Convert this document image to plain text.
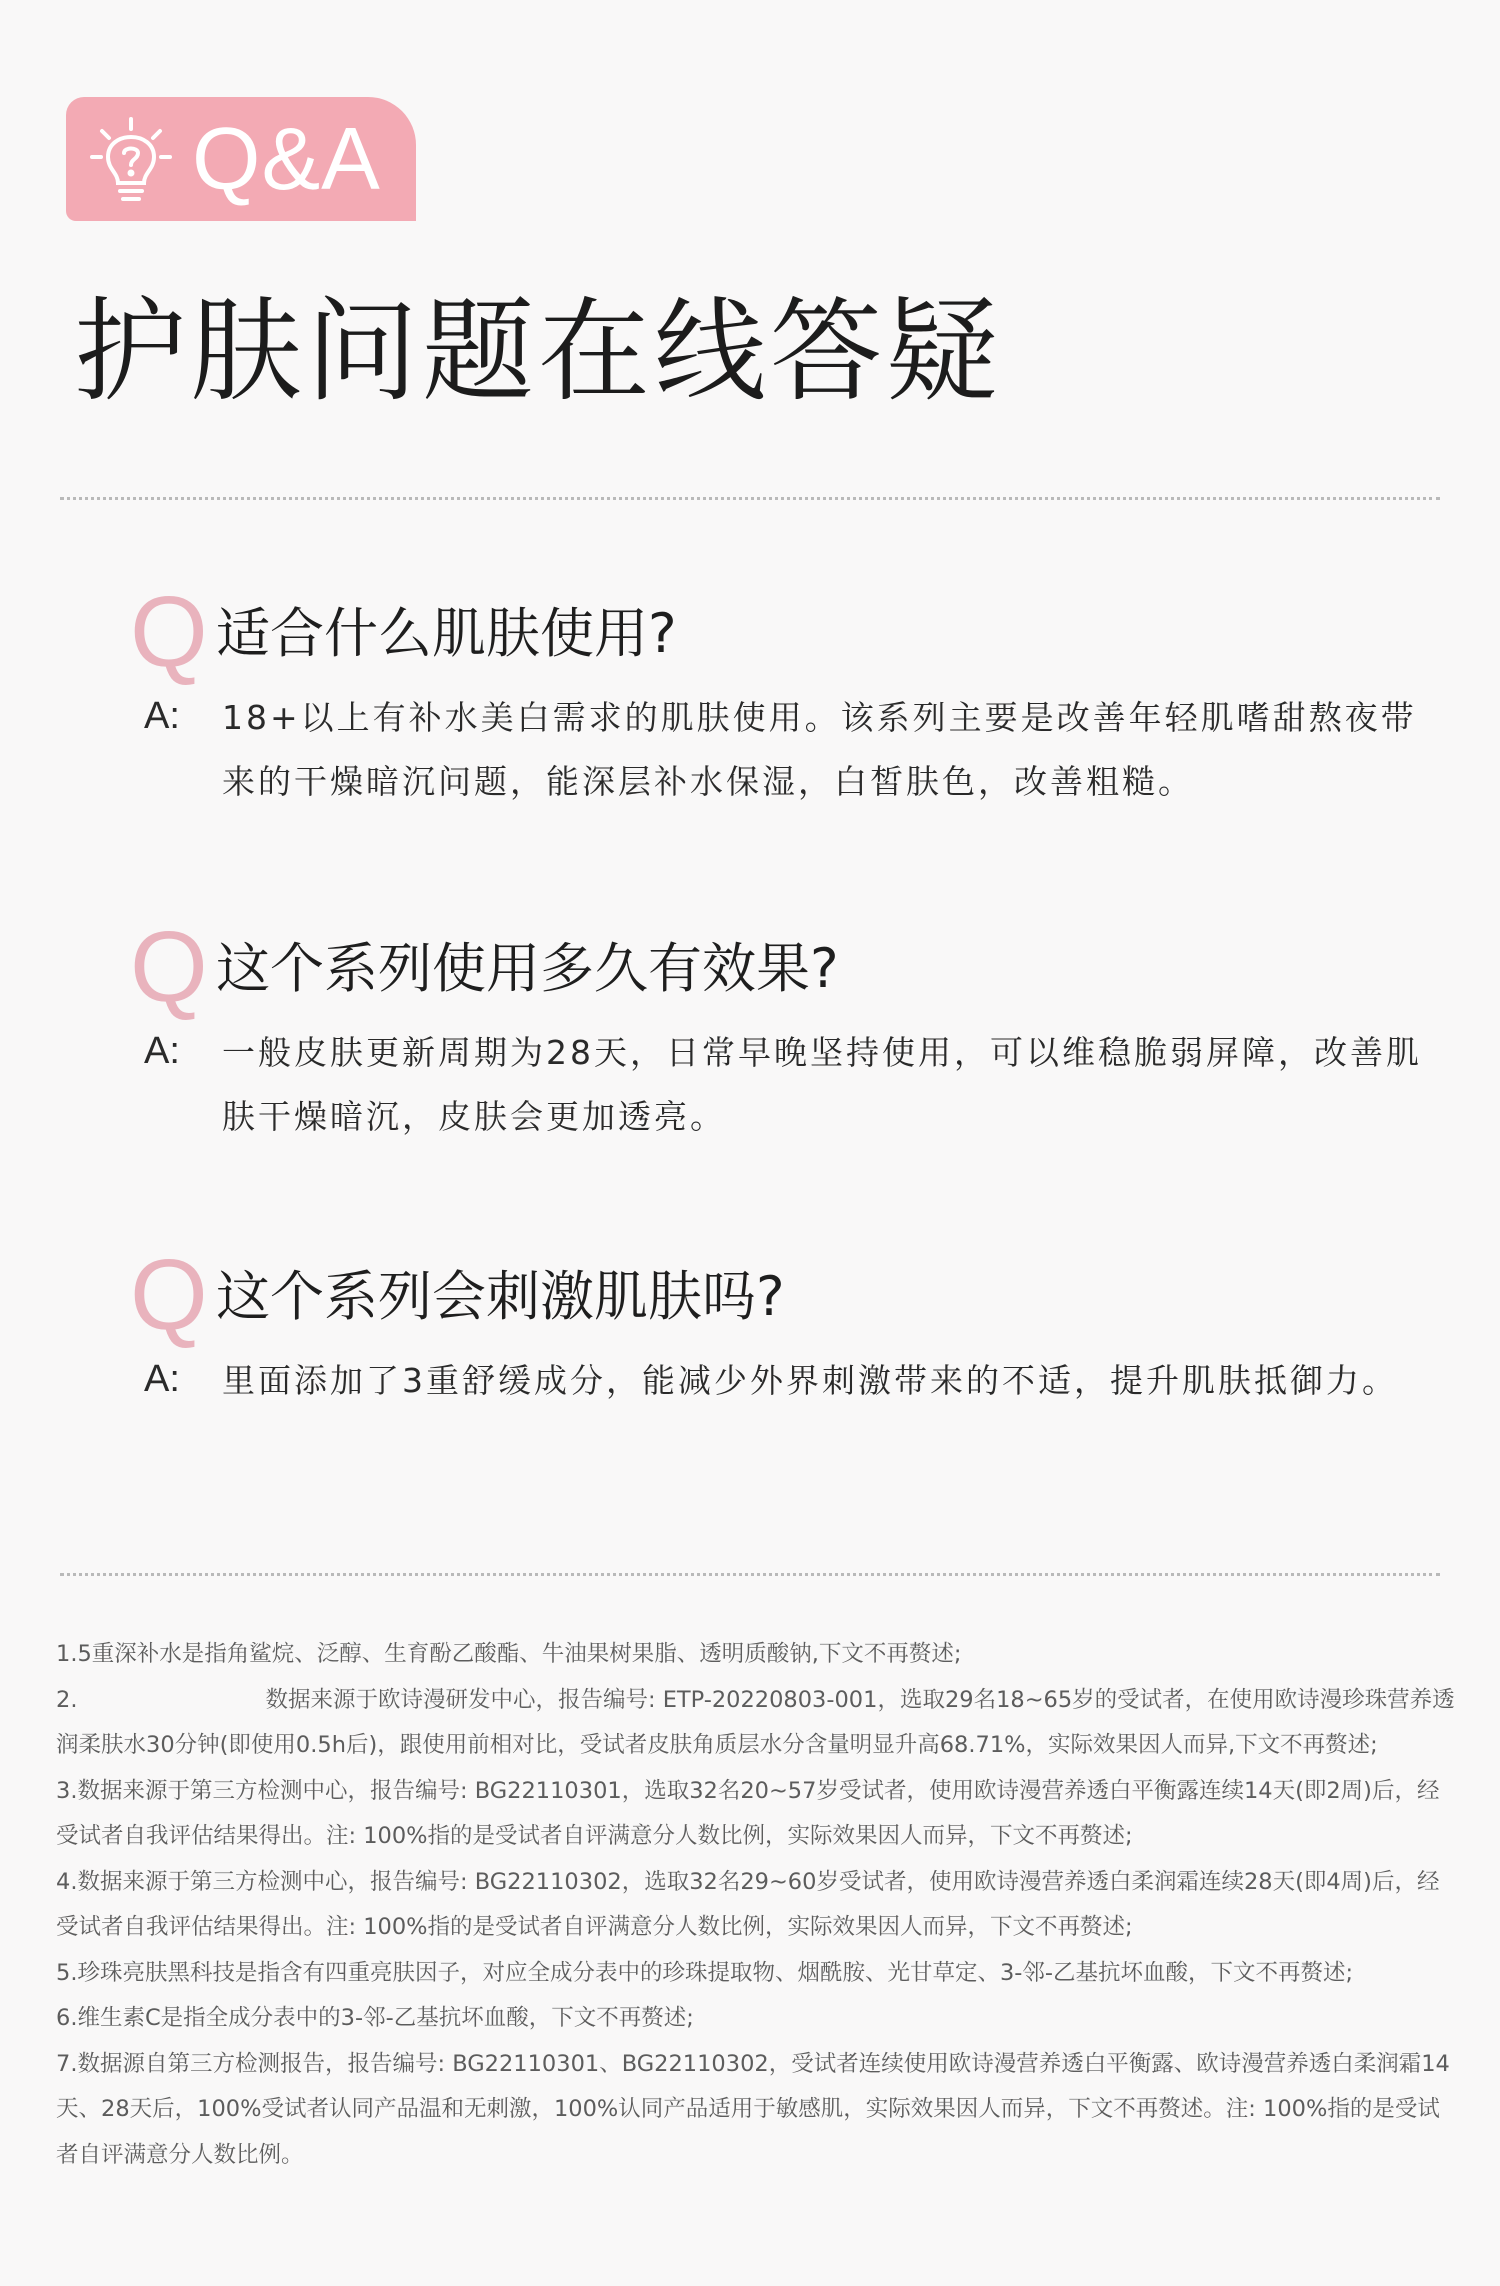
Q&A
护肤问题在线答疑
Q 适合什么肌肤使用?
A: 18+以上有补水美白需求的肌肤使用。该系列主要是改善年轻肌嗜甜熬夜带来的干燥暗沉问题，能深层补水保湿，白皙肤色，改善粗糙。

Q 这个系列使用多久有效果?
A: 一般皮肤更新周期为28天，日常早晚坚持使用，可以维稳脆弱屏障，改善肌肤干燥暗沉，皮肤会更加透亮。

Q 这个系列会刺激肌肤吗?
A: 里面添加了3重舒缓成分，能减少外界刺激带来的不适，提升肌肤抵御力。

1.5重深补水是指角鲨烷、泛醇、生育酚乙酸酯、牛油果树果脂、透明质酸钠,下文不再赘述;

2.	数据来源于欧诗漫研发中心，报告编号: ETP-20220803-001，选取29名18~65岁的受试者，在使用欧诗漫珍珠营养透润柔肤水30分钟(即使用0.5h后)，跟使用前相对比，受试者皮肤角质层水分含量明显升高68.71%，实际效果因人而异,下文不再赘述;

3.数据来源于第三方检测中心，报告编号: BG22110301，选取32名20~57岁受试者，使用欧诗漫营养透白平衡露连续14天(即2周)后，经受试者自我评估结果得出。注: 100%指的是受试者自评满意分人数比例，实际效果因人而异，下文不再赘述;

4.数据来源于第三方检测中心，报告编号: BG22110302，选取32名29~60岁受试者，使用欧诗漫营养透白柔润霜连续28天(即4周)后，经受试者自我评估结果得出。注: 100%指的是受试者自评满意分人数比例，实际效果因人而异，下文不再赘述;

5.珍珠亮肤黑科技是指含有四重亮肤因子，对应全成分表中的珍珠提取物、烟酰胺、光甘草定、3-邻-乙基抗坏血酸，下文不再赘述;

6.维生素C是指全成分表中的3-邻-乙基抗坏血酸，下文不再赘述;

7.数据源自第三方检测报告，报告编号: BG22110301、BG22110302，受试者连续使用欧诗漫营养透白平衡露、欧诗漫营养透白柔润霜14天、28天后，100%受试者认同产品温和无刺激，100%认同产品适用于敏感肌，实际效果因人而异，下文不再赘述。注: 100%指的是受试者自评满意分人数比例。
